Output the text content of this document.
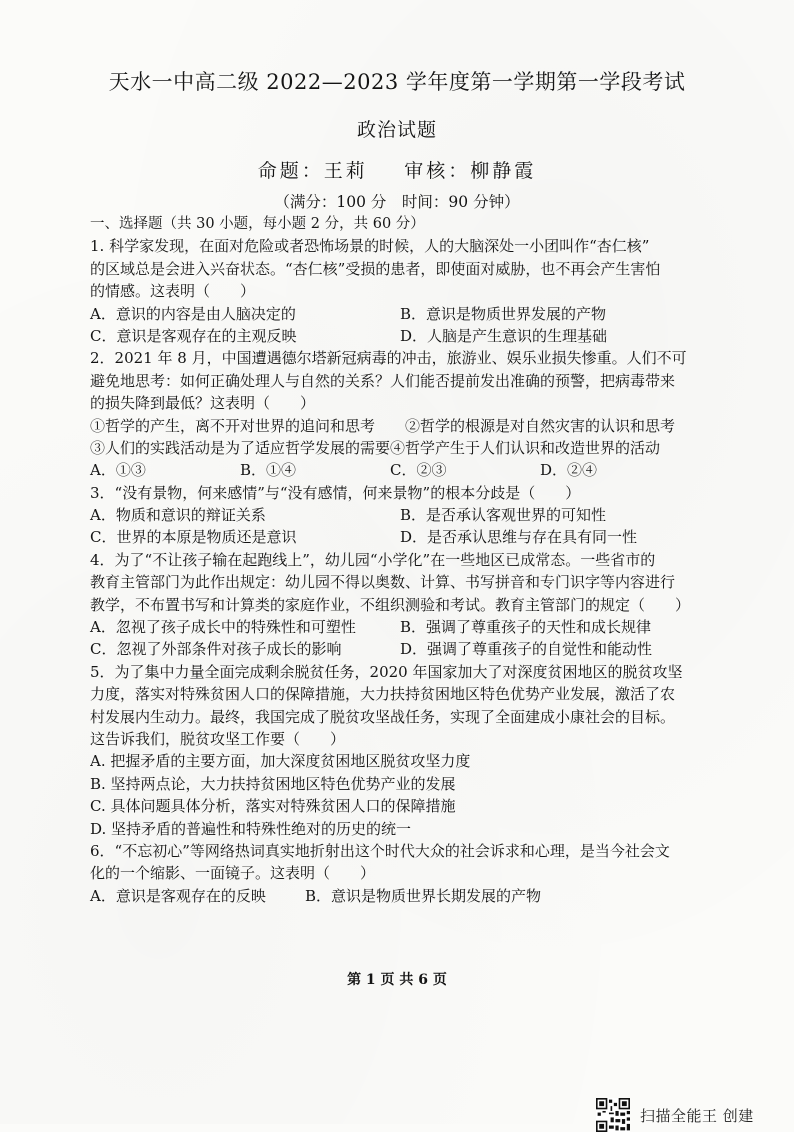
天水一中高二级 2022—2023 学年度第一学期第一学段考试
政治试题
命题：王莉　 审核：柳静霞
（满分：100 分　时间：90 分钟）
一、选择题（共 30 小题，每小题 2 分，共 60 分）
1. 科学家发现，在面对危险或者恐怖场景的时候，人的大脑深处一小团叫作“杏仁核”
的区域总是会进入兴奋状态。“杏仁核”受损的患者，即使面对威胁，也不再会产生害怕
的情感。这表明（　　）
A．意识的内容是由人脑决定的	B．意识是物质世界发展的产物
C．意识是客观存在的主观反映	D．人脑是产生意识的生理基础
2．2021 年 8 月，中国遭遇德尔塔新冠病毒的冲击，旅游业、娱乐业损失惨重。人们不可
避免地思考：如何正确处理人与自然的关系？人们能否提前发出准确的预警，把病毒带来
的损失降到最低？这表明（　　）
①哲学的产生，离不开对世界的追问和思考　　②哲学的根源是对自然灾害的认识和思考
③人们的实践活动是为了适应哲学发展的需要④哲学产生于人们认识和改造世界的活动
A．①③	B．①④	C．②③	D．②④
3．“没有景物，何来感情”与“没有感情，何来景物”的根本分歧是（　　）
A．物质和意识的辩证关系	B．是否承认客观世界的可知性
C．世界的本原是物质还是意识	D．是否承认思维与存在具有同一性
4．为了“不让孩子输在起跑线上”，幼儿园“小学化”在一些地区已成常态。一些省市的
教育主管部门为此作出规定：幼儿园不得以奥数、计算、书写拼音和专门识字等内容进行
教学，不布置书写和计算类的家庭作业，不组织测验和考试。教育主管部门的规定（　　）
A．忽视了孩子成长中的特殊性和可塑性	B．强调了尊重孩子的天性和成长规律
C．忽视了外部条件对孩子成长的影响	D．强调了尊重孩子的自觉性和能动性
5．为了集中力量全面完成剩余脱贫任务，2020 年国家加大了对深度贫困地区的脱贫攻坚
力度，落实对特殊贫困人口的保障措施，大力扶持贫困地区特色优势产业发展，激活了农
村发展内生动力。最终，我国完成了脱贫攻坚战任务，实现了全面建成小康社会的目标。
这告诉我们，脱贫攻坚工作要（　　）
A. 把握矛盾的主要方面，加大深度贫困地区脱贫攻坚力度
B. 坚持两点论，大力扶持贫困地区特色优势产业的发展
C. 具体问题具体分析，落实对特殊贫困人口的保障措施
D. 坚持矛盾的普遍性和特殊性绝对的历史的统一
6．“不忘初心”等网络热词真实地折射出这个时代大众的社会诉求和心理，是当今社会文
化的一个缩影、一面镜子。这表明（　　）
A．意识是客观存在的反映	B．意识是物质世界长期发展的产物
第 1 页 共 6 页
扫描全能王 创建
